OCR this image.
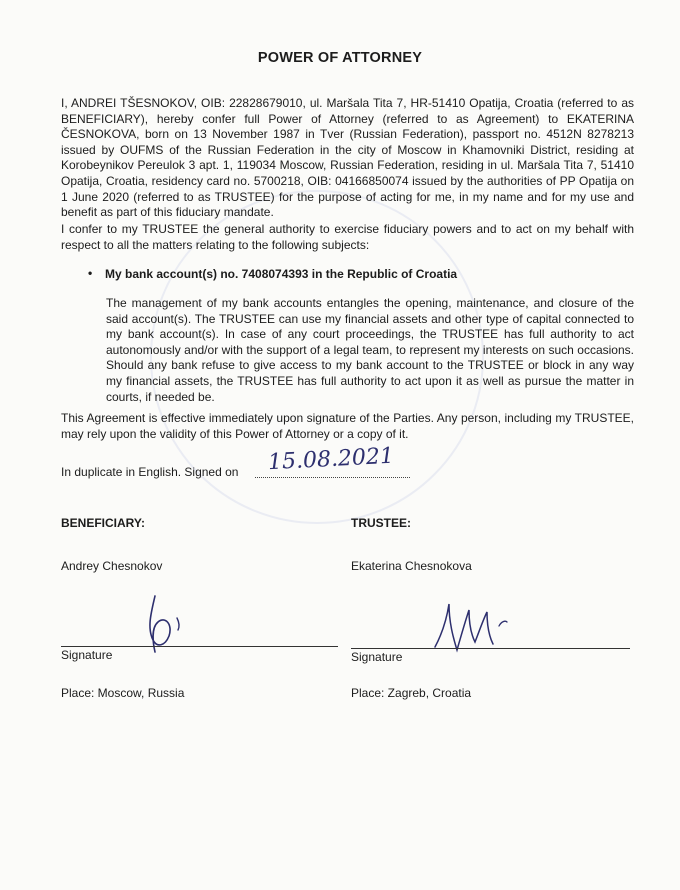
POWER OF ATTORNEY
I, ANDREI TŠESNOKOV, OIB: 22828679010, ul. Maršala Tita 7, HR-51410 Opatija, Croatia (referred to as BENEFICIARY), hereby confer full Power of Attorney (referred to as Agreement) to EKATERINA ČESNOKOVA, born on 13 November 1987 in Tver (Russian Federation), passport no. 4512N 8278213 issued by OUFMS of the Russian Federation in the city of Moscow in Khamovniki District, residing at Korobeynikov Pereulok 3 apt. 1, 119034 Moscow, Russian Federation, residing in ul. Maršala Tita 7, 51410 Opatija, Croatia, residency card no. 5700218, OIB: 04166850074 issued by the authorities of PP Opatija on 1 June 2020 (referred to as TRUSTEE) for the purpose of acting for me, in my name and for my use and benefit as part of this fiduciary mandate.
I confer to my TRUSTEE the general authority to exercise fiduciary powers and to act on my behalf with respect to all the matters relating to the following subjects:
• My bank account(s) no. 7408074393 in the Republic of Croatia
The management of my bank accounts entangles the opening, maintenance, and closure of the said account(s). The TRUSTEE can use my financial assets and other type of capital connected to my bank account(s). In case of any court proceedings, the TRUSTEE has full authority to act autonomously and/or with the support of a legal team, to represent my interests on such occasions. Should any bank refuse to give access to my bank account to the TRUSTEE or block in any way my financial assets, the TRUSTEE has full authority to act upon it as well as pursue the matter in courts, if needed be.
This Agreement is effective immediately upon signature of the Parties. Any person, including my TRUSTEE, may rely upon the validity of this Power of Attorney or a copy of it.
In duplicate in English. Signed on 15.08.2021
BENEFICIARY:
Andrey Chesnokov
Signature
Place: Moscow, Russia
TRUSTEE:
Ekaterina Chesnokova
Signature
Place: Zagreb, Croatia
